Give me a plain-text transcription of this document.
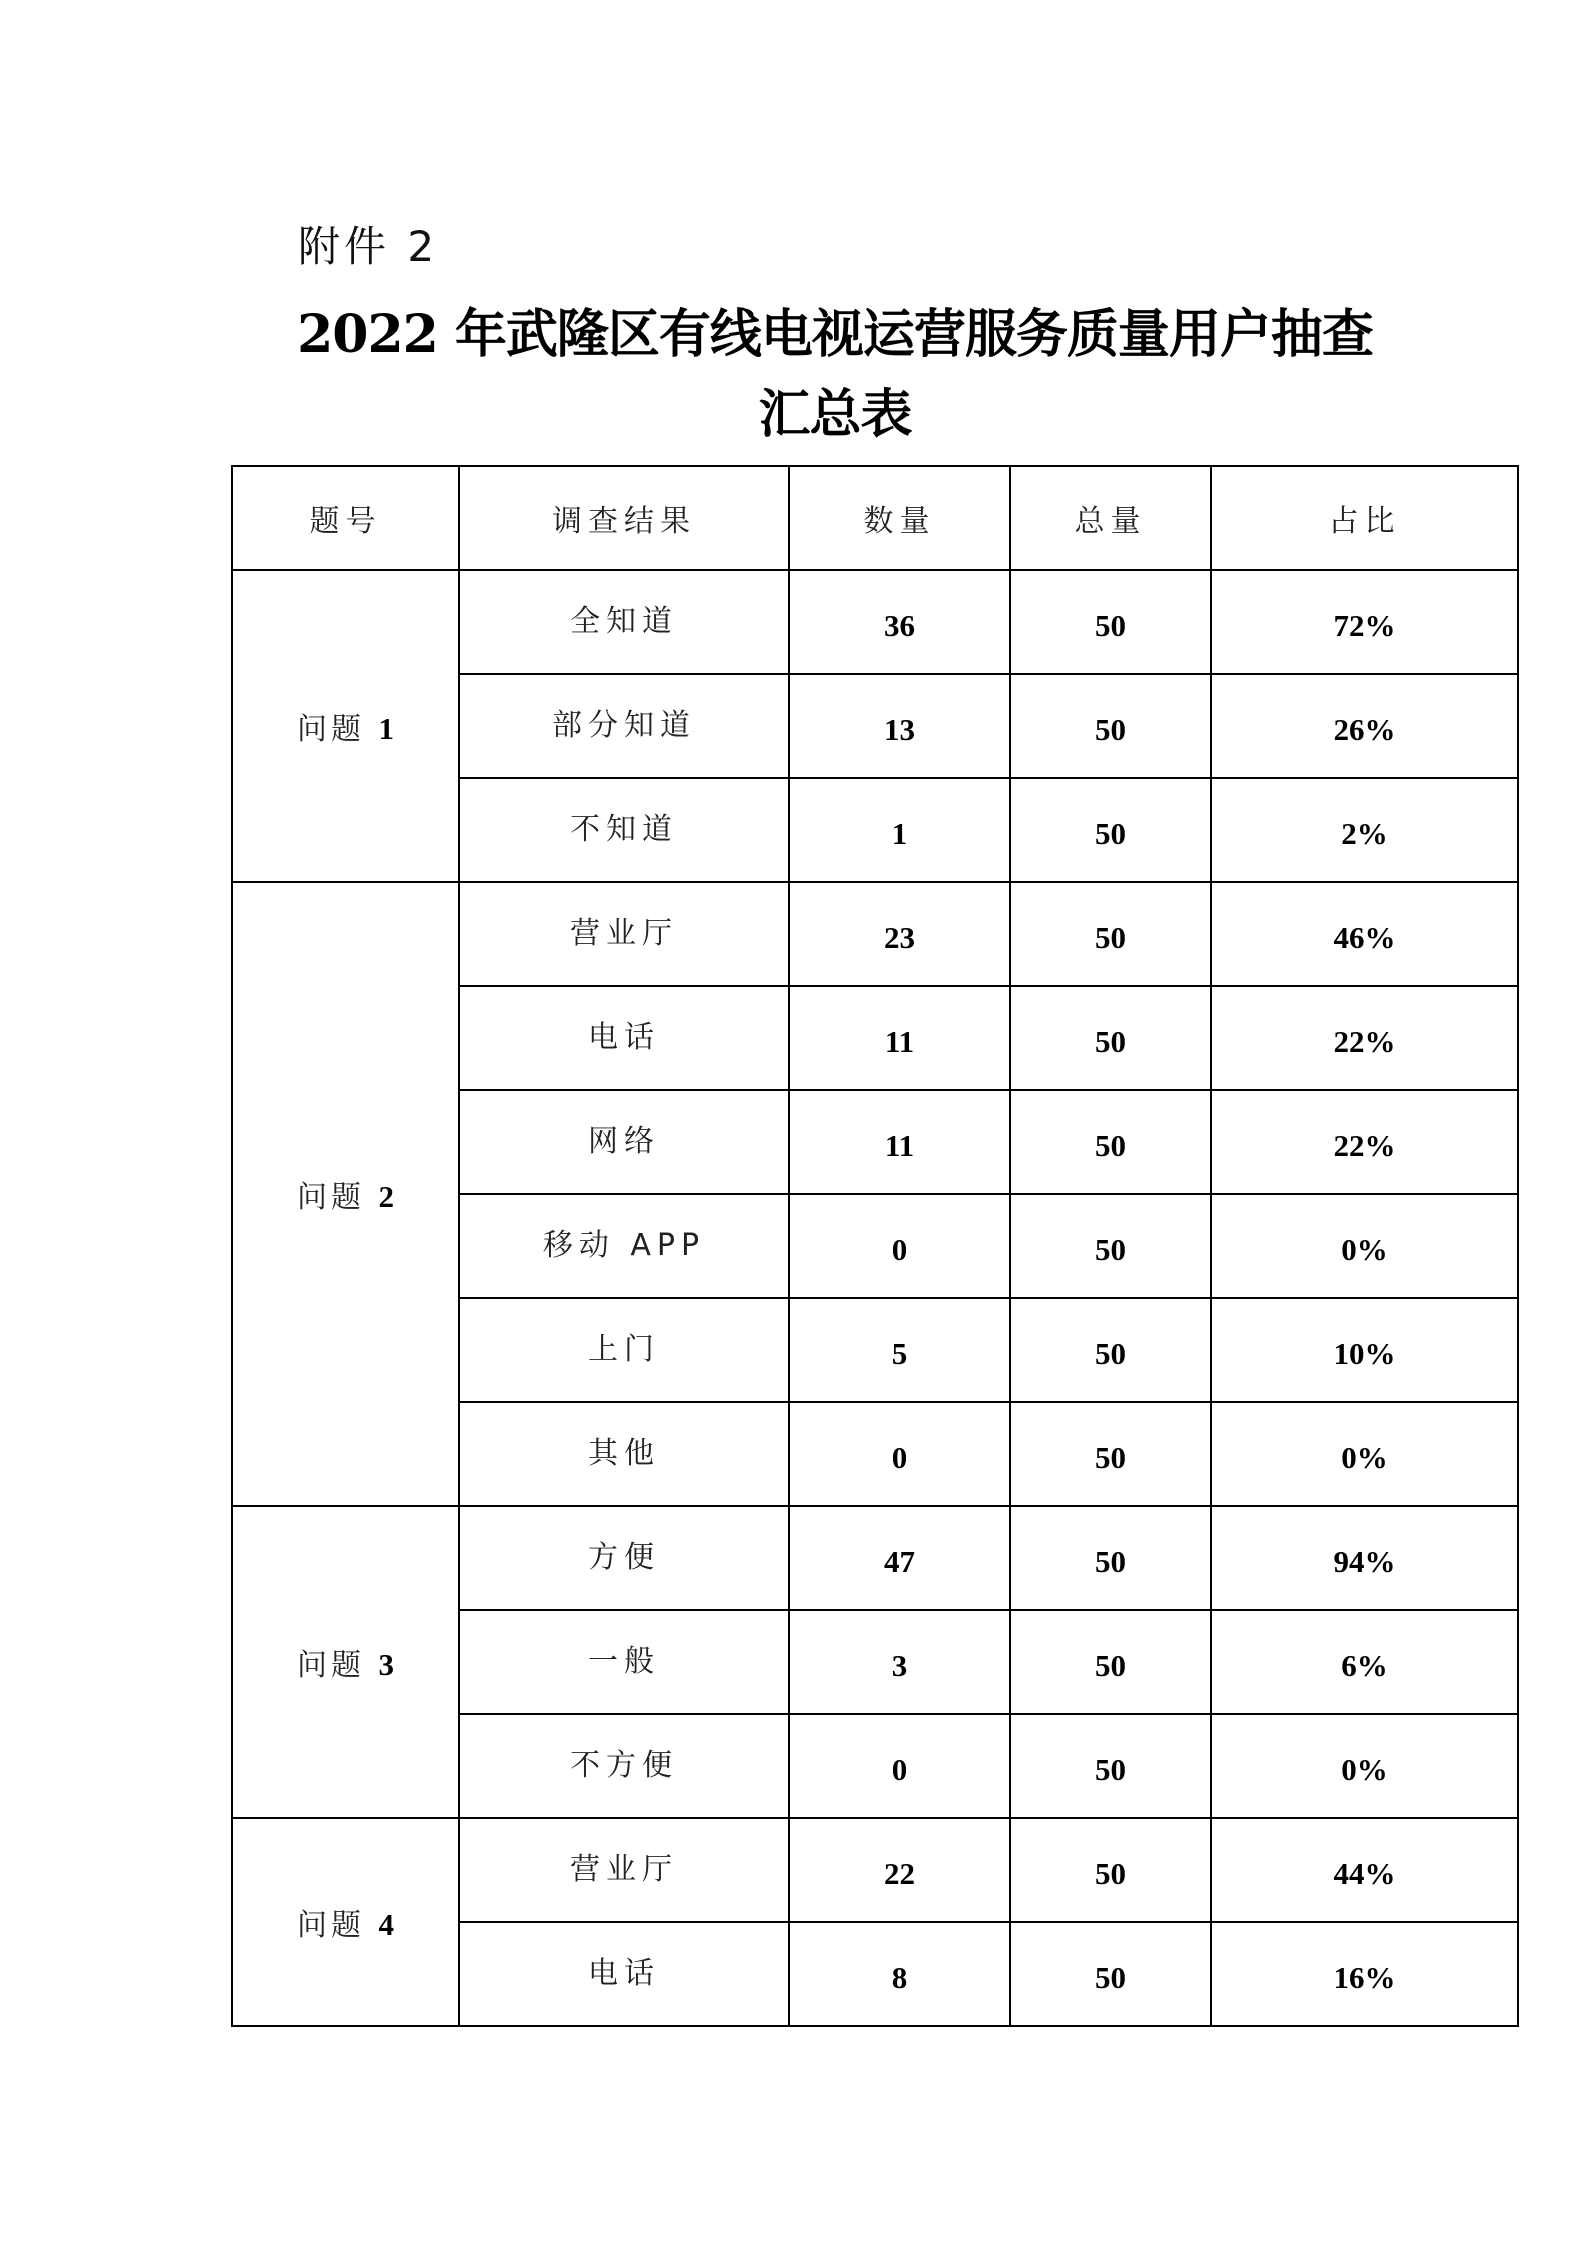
附件 2
2022 年武隆区有线电视运营服务质量用户抽查
汇总表
题号	调查结果	数量	总量	占比
问题 1	全知道	36	50	72%
	部分知道	13	50	26%
	不知道	1	50	2%
问题 2	营业厅	23	50	46%
	电话	11	50	22%
	网络	11	50	22%
	移动 APP	0	50	0%
	上门	5	50	10%
	其他	0	50	0%
问题 3	方便	47	50	94%
	一般	3	50	6%
	不方便	0	50	0%
问题 4	营业厅	22	50	44%
	电话	8	50	16%
